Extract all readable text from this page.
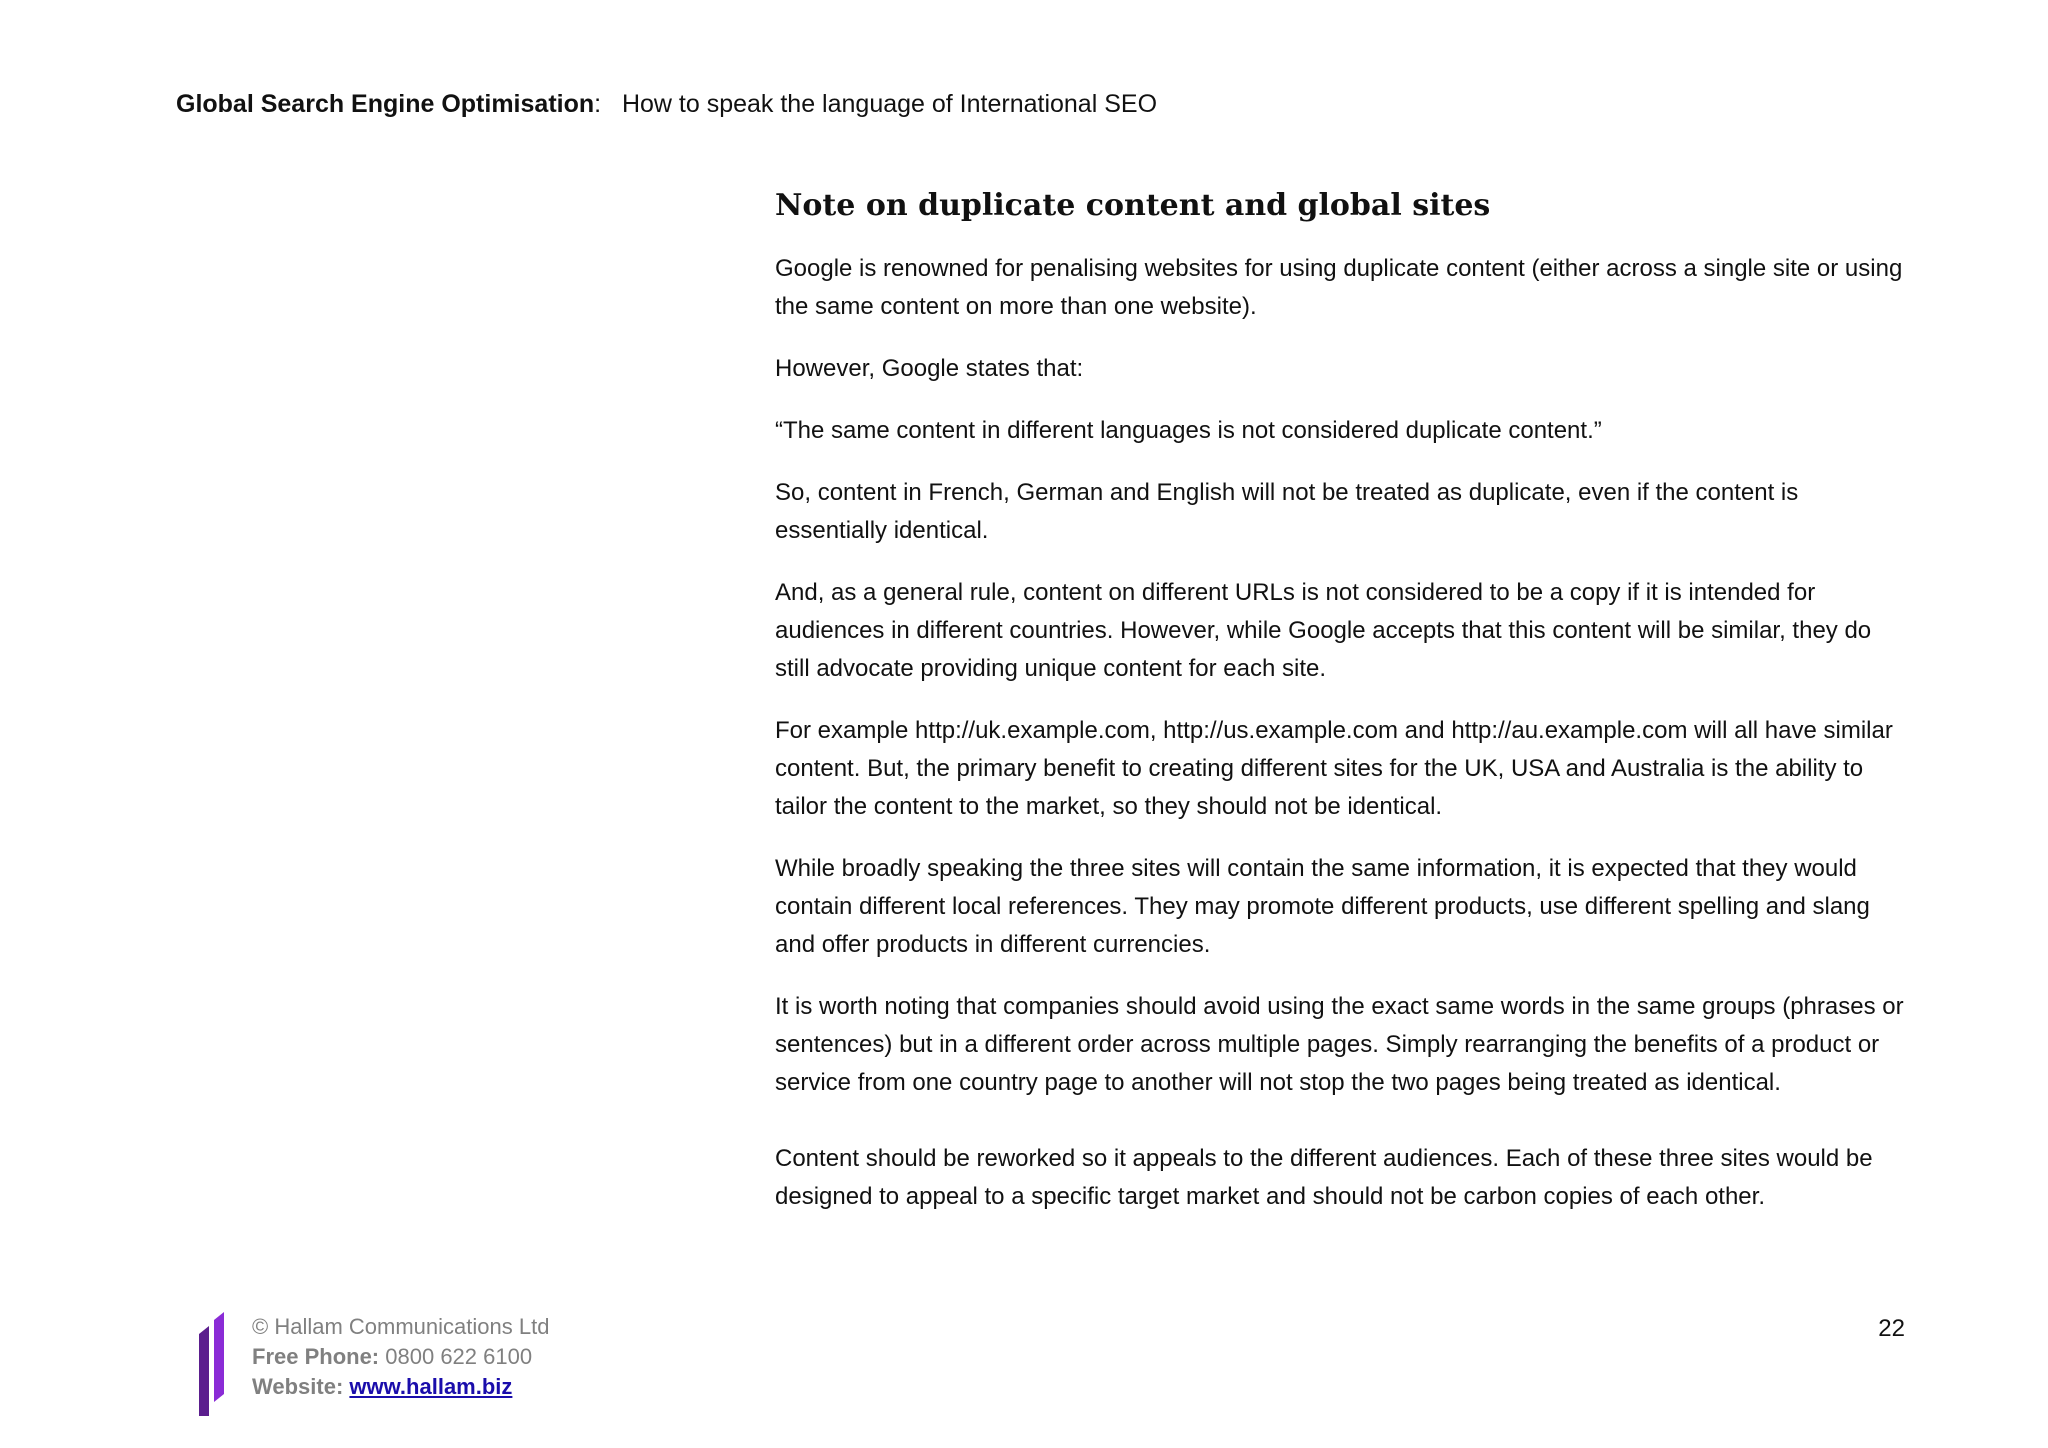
Global Search Engine Optimisation: How to speak the language of International SEO
Note on duplicate content and global sites

Google is renowned for penalising websites for using duplicate content (either across a single site or using the same content on more than one website).

However, Google states that:

“The same content in different languages is not considered duplicate content.”

So, content in French, German and English will not be treated as duplicate, even if the content is essentially identical.

And, as a general rule, content on different URLs is not considered to be a copy if it is intended for audiences in different countries. However, while Google accepts that this content will be similar, they do still advocate providing unique content for each site.

For example http://uk.example.com, http://us.example.com and http://au.example.com will all have similar content. But, the primary benefit to creating different sites for the UK, USA and Australia is the ability to tailor the content to the market, so they should not be identical.

While broadly speaking the three sites will contain the same information, it is expected that they would contain different local references. They may promote different products, use different spelling and slang and offer products in different currencies.

It is worth noting that companies should avoid using the exact same words in the same groups (phrases or sentences) but in a different order across multiple pages. Simply rearranging the benefits of a product or service from one country page to another will not stop the two pages being treated as identical.

Content should be reworked so it appeals to the different audiences. Each of these three sites would be designed to appeal to a specific target market and should not be carbon copies of each other.

© Hallam Communications Ltd
Free Phone: 0800 622 6100
Website: www.hallam.biz
22
